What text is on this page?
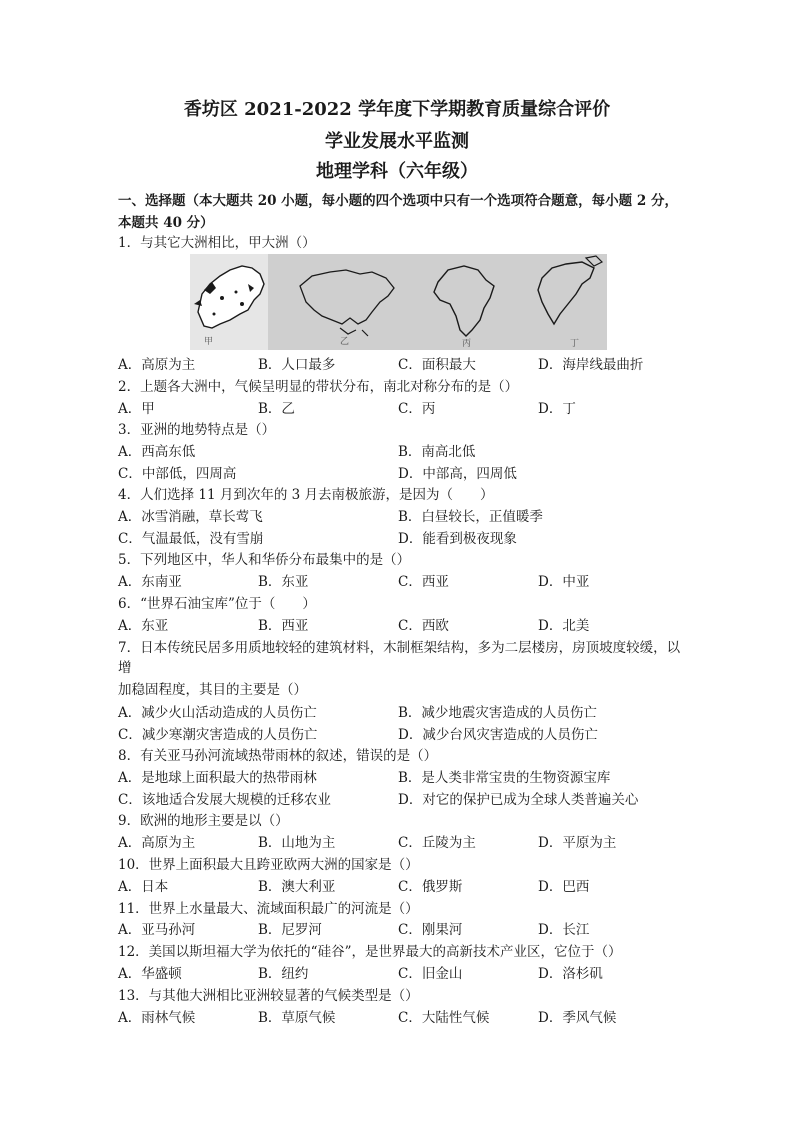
香坊区 2021-2022 学年度下学期教育质量综合评价
学业发展水平监测
地理学科（六年级）
一、选择题（本大题共 20 小题，每小题的四个选项中只有一个选项符合题意，每小题 2 分，本题共 40 分）
1．与其它大洲相比，甲大洲（）
甲	乙	丙	丁
A．高原为主	B．人口最多	C．面积最大	D．海岸线最曲折
2．上题各大洲中，气候呈明显的带状分布，南北对称分布的是（）
A．甲	B．乙	C．丙	D．丁
3．亚洲的地势特点是（）
A．西高东低	B．南高北低
C．中部低，四周高	D．中部高，四周低
4．人们选择 11 月到次年的 3 月去南极旅游，是因为（　　）
A．冰雪消融，草长莺飞	B．白昼较长，正值暖季
C．气温最低，没有雪崩	D．能看到极夜现象
5．下列地区中，华人和华侨分布最集中的是（）
A．东南亚	B．东亚	C．西亚	D．中亚
6．“世界石油宝库”位于（　　）
A．东亚	B．西亚	C．西欧	D．北美
7．日本传统民居多用质地较轻的建筑材料，木制框架结构，多为二层楼房，房顶坡度较缓，以增
加稳固程度，其目的主要是（）
A．减少火山活动造成的人员伤亡	B．减少地震灾害造成的人员伤亡
C．减少寒潮灾害造成的人员伤亡	D．减少台风灾害造成的人员伤亡
8．有关亚马孙河流域热带雨林的叙述，错误的是（）
A．是地球上面积最大的热带雨林	B．是人类非常宝贵的生物资源宝库
C．该地适合发展大规模的迁移农业	D．对它的保护已成为全球人类普遍关心
9．欧洲的地形主要是以（）
A．高原为主	B．山地为主	C．丘陵为主	D．平原为主
10．世界上面积最大且跨亚欧两大洲的国家是（）
A．日本	B．澳大利亚	C．俄罗斯	D．巴西
11．世界上水量最大、流域面积最广的河流是（）
A．亚马孙河	B．尼罗河	C．刚果河	D．长江
12．美国以斯坦福大学为依托的“硅谷”，是世界最大的高新技术产业区，它位于（）
A．华盛顿	B．纽约	C．旧金山	D．洛杉矶
13．与其他大洲相比亚洲较显著的气候类型是（）
A．雨林气候	B．草原气候	C．大陆性气候	D．季风气候
